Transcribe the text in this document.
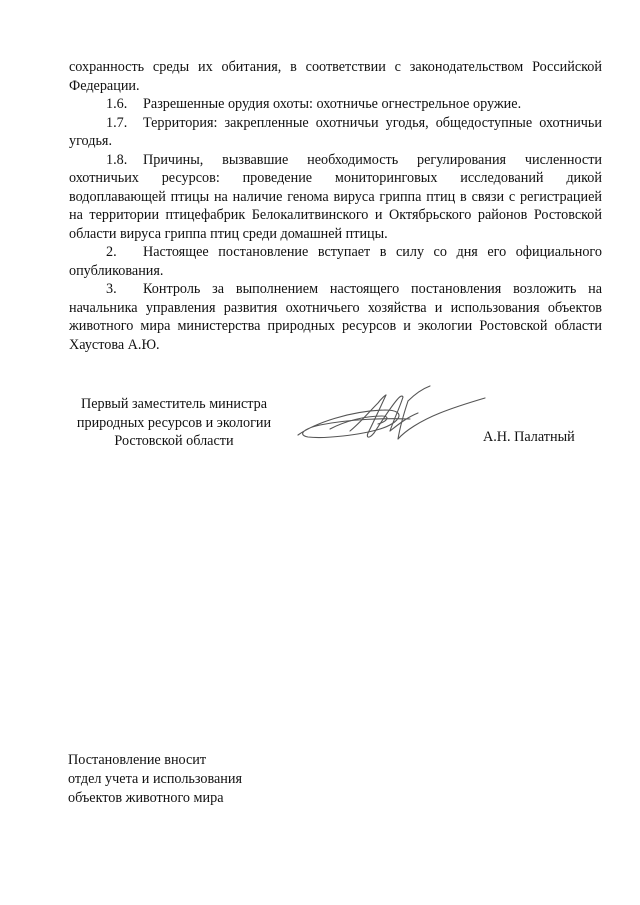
сохранность среды их обитания, в соответствии с законодательством Российской Федерации.

1.6. Разрешенные орудия охоты: охотничье огнестрельное оружие.

1.7. Территория: закрепленные охотничьи угодья, общедоступные охотничьи угодья.

1.8. Причины, вызвавшие необходимость регулирования численности охотничьих ресурсов: проведение мониторинговых исследований дикой водоплавающей птицы на наличие генома вируса гриппа птиц в связи с регистрацией на территории птицефабрик Белокалитвинского и Октябрьского районов Ростовской области вируса гриппа птиц среди домашней птицы.

2. Настоящее постановление вступает в силу со дня его официального опубликования.

3. Контроль за выполнением настоящего постановления возложить на начальника управления развития охотничьего хозяйства и использования объектов животного мира министерства природных ресурсов и экологии Ростовской области Хаустова А.Ю.

Первый заместитель министра
природных ресурсов и экологии
Ростовской области	А.Н. Палатный
Постановление вносит
отдел учета и использования
объектов животного мира
